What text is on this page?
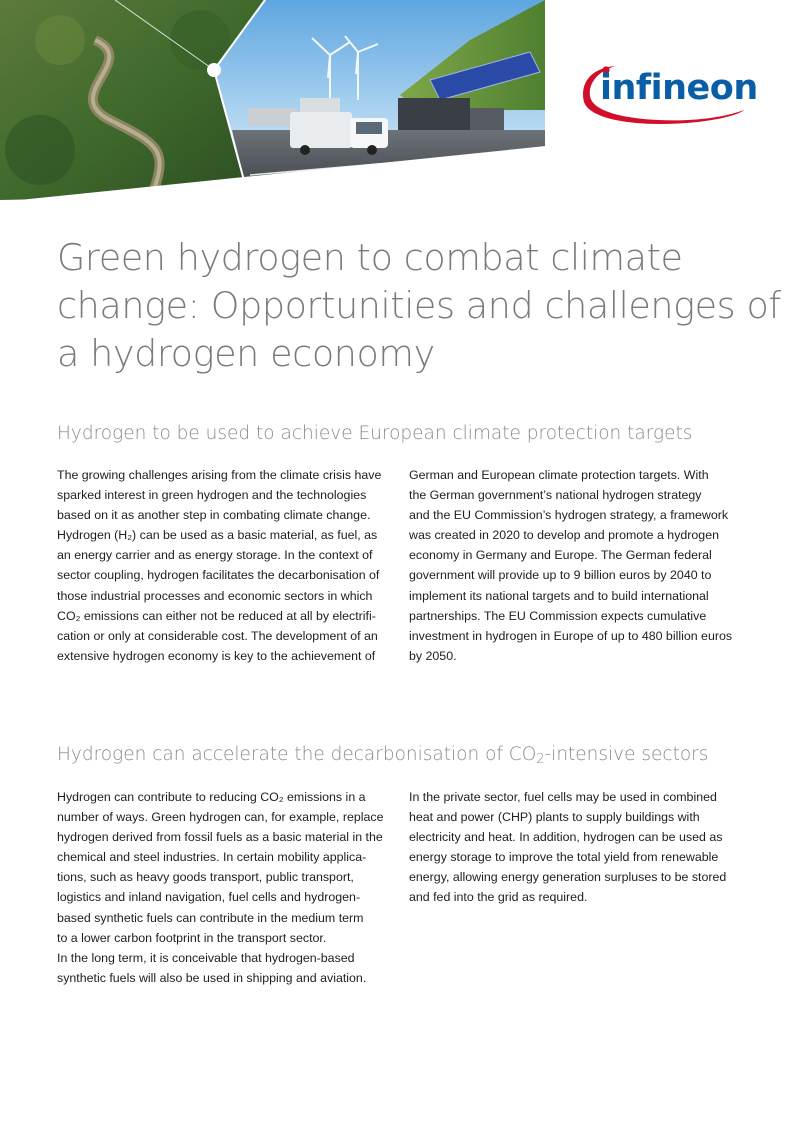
infineon
Green hydrogen to combat climate
change: Opportunities and challenges of
a hydrogen economy
Hydrogen to be used to achieve European climate protection targets
The growing challenges arising from the climate crisis have
sparked interest in green hydrogen and the technologies
based on it as another step in combating climate change.
Hydrogen (H₂) can be used as a basic material, as fuel, as
an energy carrier and as energy storage. In the context of
sector coupling, hydrogen facilitates the decarbonisation of
those industrial processes and economic sectors in which
CO₂ emissions can either not be reduced at all by electrifi-
cation or only at considerable cost. The development of an
extensive hydrogen economy is key to the achievement of
German and European climate protection targets. With
the German government’s national hydrogen strategy
and the EU Commission’s hydrogen strategy, a framework
was created in 2020 to develop and promote a hydrogen
economy in Germany and Europe. The German federal
government will provide up to 9 billion euros by 2040 to
implement its national targets and to build international
partnerships. The EU Commission expects cumulative
investment in hydrogen in Europe of up to 480 billion euros
by 2050.
Hydrogen can accelerate the decarbonisation of $CO_2$-intensive sectors
Hydrogen can contribute to reducing CO₂ emissions in a
number of ways. Green hydrogen can, for example, replace
hydrogen derived from fossil fuels as a basic material in the
chemical and steel industries. In certain mobility applica-
tions, such as heavy goods transport, public transport,
logistics and inland navigation, fuel cells and hydrogen-
based synthetic fuels can contribute in the medium term
to a lower carbon footprint in the transport sector.
In the long term, it is conceivable that hydrogen-based
synthetic fuels will also be used in shipping and aviation.
In the private sector, fuel cells may be used in combined
heat and power (CHP) plants to supply buildings with
electricity and heat. In addition, hydrogen can be used as
energy storage to improve the total yield from renewable
energy, allowing energy generation surpluses to be stored
and fed into the grid as required.
